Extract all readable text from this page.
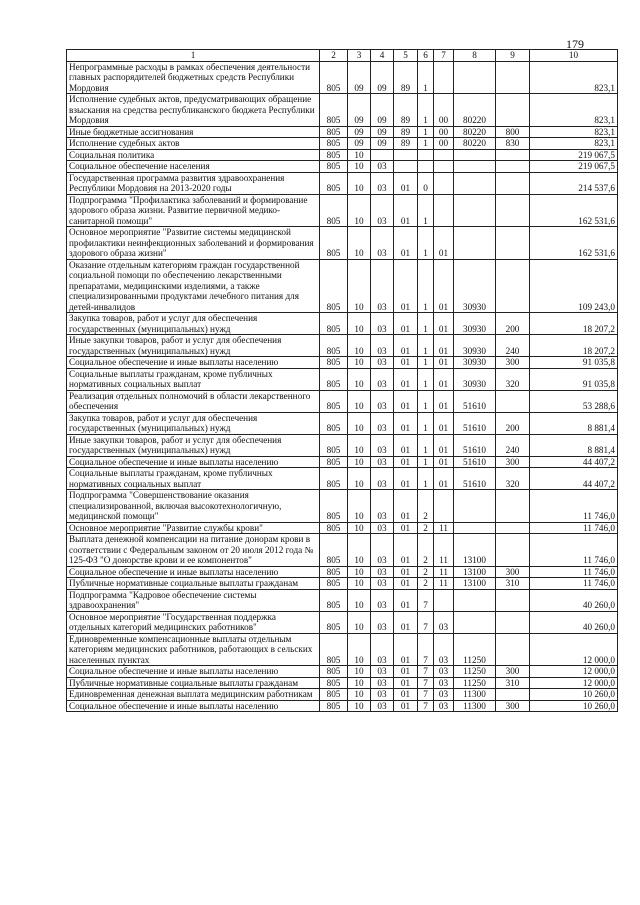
179
1	2	3	4	5	6	7	8	9	10
Непрограммные расходы в рамках обеспечения деятельности главных распорядителей бюджетных средств Республики Мордовия	805	09	09	89	1				823,1
Исполнение судебных актов, предусматривающих обращение взыскания на средства республиканского бюджета Республики Мордовия	805	09	09	89	1	00	80220		823,1
Иные бюджетные ассигнования	805	09	09	89	1	00	80220	800	823,1
Исполнение судебных актов	805	09	09	89	1	00	80220	830	823,1
Социальная политика	805	10							219 067,5
Социальное обеспечение населения	805	10	03						219 067,5
Государственная программа развития здравоохранения Республики Мордовия на 2013-2020 годы	805	10	03	01	0				214 537,6
Подпрограмма "Профилактика заболеваний и формирование здорового образа жизни. Развитие первичной медико-санитарной помощи"	805	10	03	01	1				162 531,6
Основное мероприятие "Развитие системы медицинской профилактики неинфекционных заболеваний и формирования здорового образа жизни"	805	10	03	01	1	01			162 531,6
Оказание отдельным категориям граждан государственной социальной помощи по обеспечению лекарственными препаратами, медицинскими изделиями, а также специализированными продуктами лечебного питания для детей-инвалидов	805	10	03	01	1	01	30930		109 243,0
Закупка товаров, работ и услуг для обеспечения государственных (муниципальных) нужд	805	10	03	01	1	01	30930	200	18 207,2
Иные закупки товаров, работ и услуг для обеспечения государственных (муниципальных) нужд	805	10	03	01	1	01	30930	240	18 207,2
Социальное обеспечение и иные выплаты населению	805	10	03	01	1	01	30930	300	91 035,8
Социальные выплаты гражданам, кроме публичных нормативных социальных выплат	805	10	03	01	1	01	30930	320	91 035,8
Реализация отдельных полномочий в области лекарственного обеспечения	805	10	03	01	1	01	51610		53 288,6
Закупка товаров, работ и услуг для обеспечения государственных (муниципальных) нужд	805	10	03	01	1	01	51610	200	8 881,4
Иные закупки товаров, работ и услуг для обеспечения государственных (муниципальных) нужд	805	10	03	01	1	01	51610	240	8 881,4
Социальное обеспечение и иные выплаты населению	805	10	03	01	1	01	51610	300	44 407,2
Социальные выплаты гражданам, кроме публичных нормативных социальных выплат	805	10	03	01	1	01	51610	320	44 407,2
Подпрограмма "Совершенствование оказания специализированной, включая высокотехнологичную, медицинской помощи"	805	10	03	01	2				11 746,0
Основное мероприятие "Развитие службы крови"	805	10	03	01	2	11			11 746,0
Выплата денежной компенсации на питание донорам крови в соответствии с Федеральным законом от 20 июля 2012 года № 125-ФЗ "О донорстве крови и ее компонентов"	805	10	03	01	2	11	13100		11 746,0
Социальное обеспечение и иные выплаты населению	805	10	03	01	2	11	13100	300	11 746,0
Публичные нормативные социальные выплаты гражданам	805	10	03	01	2	11	13100	310	11 746,0
Подпрограмма "Кадровое обеспечение системы здравоохранения"	805	10	03	01	7				40 260,0
Основное мероприятие "Государственная поддержка отдельных категорий медицинских работников"	805	10	03	01	7	03			40 260,0
Единовременные компенсационные выплаты отдельным категориям медицинских работников, работающих в сельских населенных пунктах	805	10	03	01	7	03	11250		12 000,0
Социальное обеспечение и иные выплаты населению	805	10	03	01	7	03	11250	300	12 000,0
Публичные нормативные социальные выплаты гражданам	805	10	03	01	7	03	11250	310	12 000,0
Единовременная денежная выплата медицинским работникам	805	10	03	01	7	03	11300		10 260,0
Социальное обеспечение и иные выплаты населению	805	10	03	01	7	03	11300	300	10 260,0
